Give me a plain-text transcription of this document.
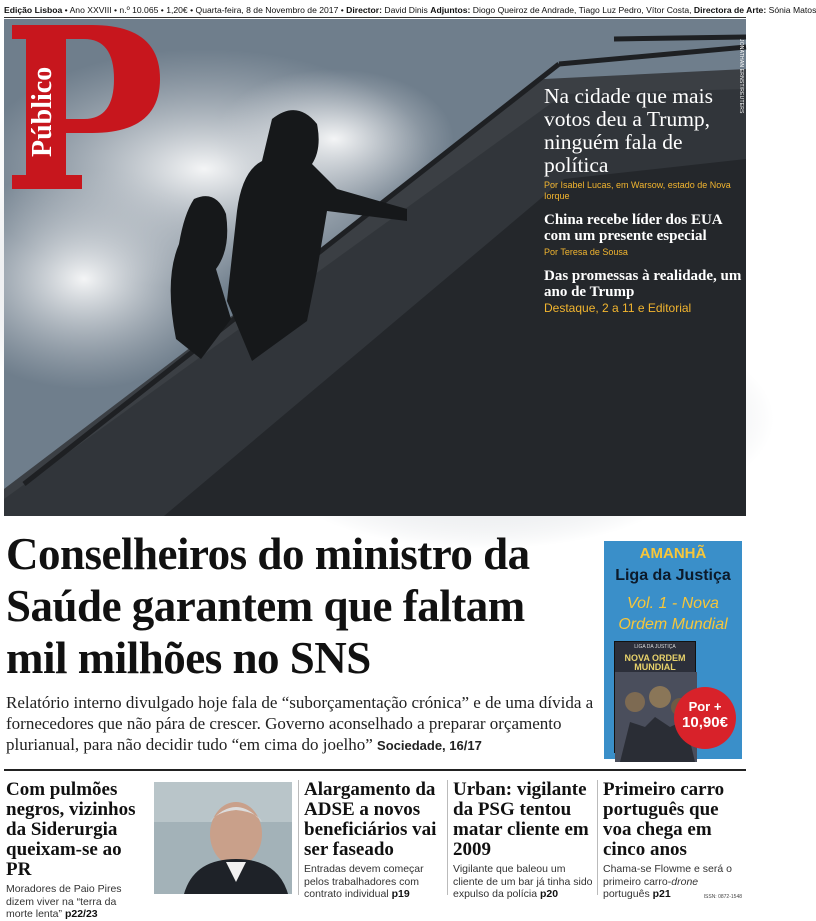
Edição Lisboa • Ano XXVIII • n.º 10.065 • 1,20€ • Quarta-feira, 8 de Novembro de 2017 • Director: David Dinis Adjuntos: Diogo Queiroz de Andrade, Tiago Luz Pedro, Vítor Costa, Directora de Arte: Sónia Matos
Público	JONATHAN ERNST/REUTERS
Na cidade que mais votos deu a Trump, ninguém fala de política
Por Isabel Lucas, em Warsow, estado de Nova Iorque
China recebe líder dos EUA com um presente especial
Por Teresa de Sousa
Das promessas à realidade, um ano de Trump
Destaque, 2 a 11 e Editorial
Conselheiros do ministro da Saúde garantem que faltam mil milhões no SNS
Relatório interno divulgado hoje fala de “suborçamentação crónica” e de uma dívida a fornecedores que não pára de crescer. Governo aconselhado a preparar orçamento plurianual, para não decidir tudo “em cima do joelho” Sociedade, 16/17
AMANHÃ
Liga da Justiça
Vol. 1 - Nova Ordem Mundial
LIGA DA JUSTIÇA
NOVA ORDEM MUNDIAL
Por +
10,90€
Com pulmões negros, vizinhos da Siderurgia queixam-se ao PR
Moradores de Paio Pires dizem viver na “terra da morte lenta” p22/23
Alargamento da ADSE a novos beneficiários vai ser faseado
Entradas devem começar pelos trabalhadores com contrato individual p19
Urban: vigilante da PSG tentou matar cliente em 2009
Vigilante que baleou um cliente de um bar já tinha sido expulso da polícia p20
Primeiro carro português que voa chega em cinco anos
Chama-se Flowme e será o primeiro carro-drone português p21	ISSN: 0872-1548
